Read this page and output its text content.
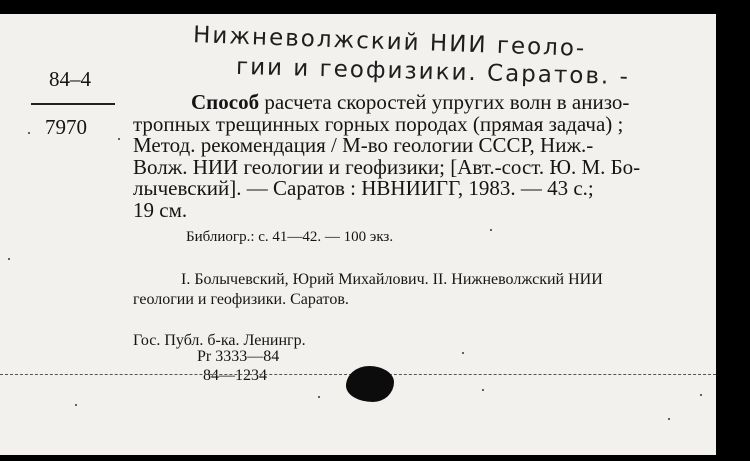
Нижневолжский НИИ геоло-
гии и геофизики. Саратов. -
84–4
7970
Способ расчета скоростей упругих волн в анизо-
тропных трещинных горных породах (прямая задача) ;
Метод. рекомендация / М-во геологии СССР, Ниж.-
Волж. НИИ геологии и геофизики; [Авт.-сост. Ю. М. Бо-
лычевский]. — Саратов : НВНИИГГ, 1983. — 43 с.;
19 см.
Библиогр.: с. 41—42. — 100 экз.
I. Болычевский, Юрий Михайлович. II. Нижневолжский НИИ
геологии и геофизики. Саратов.
Гос. Публ. б-ка. Ленингр.
Pr 3333—84
84—1234
